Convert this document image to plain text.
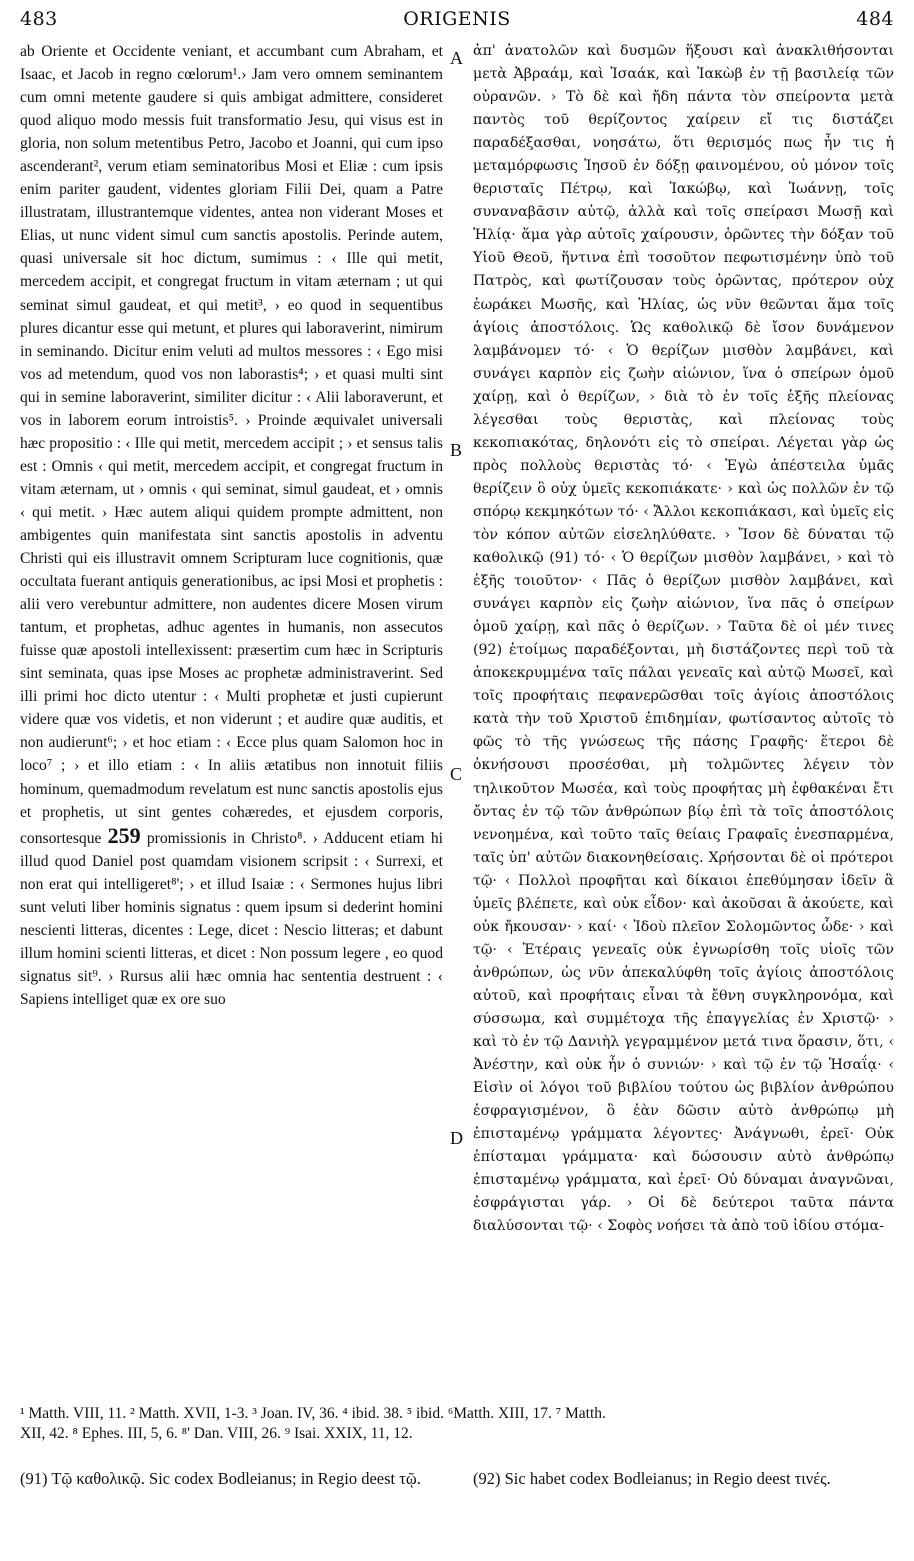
483	ORIGENIS	484

ab Oriente et Occidente veniant, et accumbant cum Abraham, et Isaac, et Jacob in regno cœlorum¹.› Jam vero omnem seminantem cum omni metente gaudere si quis ambigat admittere, consideret quod aliquo modo messis fuit transformatio Jesu, qui visus est in gloria, non solum metentibus Petro, Jacobo et Joanni, qui cum ipso ascenderant², verum etiam seminatoribus Mosi et Eliæ : cum ipsis enim pariter gaudent, videntes gloriam Filii Dei, quam a Patre illustratam, illustrantemque videntes, antea non viderant Moses et Elias, ut nunc vident simul cum sanctis apostolis. Perinde autem, quasi universale sit hoc dictum, sumimus : ‹ Ille qui metit, mercedem accipit, et congregat fructum in vitam æternam ; ut qui seminat simul gaudeat, et qui metit³, › eo quod in sequentibus plures dicantur esse qui metunt, et plures qui laboraverint, nimirum in seminando. Dicitur enim veluti ad multos messores : ‹ Ego misi vos ad metendum, quod vos non laborastis⁴; › et quasi multi sint qui in semine laboraverint, similiter dicitur : ‹ Alii laboraverunt, et vos in laborem eorum introistis⁵. › Proinde æquivalet universali hæc propositio : ‹ Ille qui metit, mercedem accipit ; › et sensus talis est : Omnis ‹ qui metit, mercedem accipit, et congregat fructum in vitam æternam, ut › omnis ‹ qui seminat, simul gaudeat, et › omnis ‹ qui metit. › Hæc autem aliqui quidem prompte admittent, non ambigentes quin manifestata sint sanctis apostolis in adventu Christi qui eis illustravit omnem Scripturam luce cognitionis, quæ occultata fuerant antiquis generationibus, ac ipsi Mosi et prophetis : alii vero verebuntur admittere, non audentes dicere Mosen virum tantum, et prophetas, adhuc agentes in humanis, non assecutos fuisse quæ apostoli intellexissent: præsertim cum hæc in Scripturis sint seminata, quas ipse Moses ac prophetæ administraverint. Sed illi primi hoc dicto utentur : ‹ Multi prophetæ et justi cupierunt videre quæ vos videtis, et non viderunt ; et audire quæ auditis, et non audierunt⁶; › et hoc etiam : ‹ Ecce plus quam Salomon hoc in loco⁷ ; › et illo etiam : ‹ In aliis ætatibus non innotuit filiis hominum, quemadmodum revelatum est nunc sanctis apostolis ejus et prophetis, ut sint gentes cohæredes, et ejusdem corporis, consortesque 259 promissionis in Christo⁸. › Adducent etiam hi illud quod Daniel post quamdam visionem scripsit : ‹ Surrexi, et non erat qui intelligeret⁸'; › et illud Isaiæ : ‹ Sermones hujus libri sunt veluti liber hominis signatus : quem ipsum si dederint homini nescienti litteras, dicentes : Lege, dicet : Nescio litteras; et dabunt illum homini scienti litteras, et dicet : Non possum legere , eo quod signatus sit⁹. › Rursus alii hæc omnia hac sententia destruent : ‹ Sapiens intelliget quæ ex ore suo

A
B
C
D

ἀπ' ἀνατολῶν καὶ δυσμῶν ἥξουσι καὶ ἀνακλιθήσονται μετὰ Ἀβραάμ, καὶ Ἰσαάκ, καὶ Ἰακὼβ ἐν τῇ βασιλείᾳ τῶν οὐρανῶν. › Τὸ δὲ καὶ ἤδη πάντα τὸν σπείροντα μετὰ παντὸς τοῦ θερίζοντος χαίρειν εἴ τις διστάζει παραδέξασθαι, νοησάτω, ὅτι θερισμός πως ἦν τις ἡ μεταμόρφωσις Ἰησοῦ ἐν δόξῃ φαινομένου, οὐ μόνον τοῖς θερισταῖς Πέτρῳ, καὶ Ἰακώβῳ, καὶ Ἰωάννῃ, τοῖς συναναβᾶσιν αὐτῷ, ἀλλὰ καὶ τοῖς σπείρασι Μωσῇ καὶ Ἠλίᾳ· ἅμα γὰρ αὐτοῖς χαίρουσιν, ὁρῶντες τὴν δόξαν τοῦ Υἱοῦ Θεοῦ, ἥντινα ἐπὶ τοσοῦτον πεφωτισμένην ὑπὸ τοῦ Πατρὸς, καὶ φωτίζουσαν τοὺς ὁρῶντας, πρότερον οὐχ ἑωράκει Μωσῆς, καὶ Ἠλίας, ὡς νῦν θεῶνται ἅμα τοῖς ἁγίοις ἀποστόλοις. Ὡς καθολικῷ δὲ ἴσον δυνάμενον λαμβάνομεν τό· ‹ Ὁ θερίζων μισθὸν λαμβάνει, καὶ συνάγει καρπὸν εἰς ζωὴν αἰώνιον, ἵνα ὁ σπείρων ὁμοῦ χαίρῃ, καὶ ὁ θερίζων, › διὰ τὸ ἐν τοῖς ἑξῆς πλείονας λέγεσθαι τοὺς θεριστὰς, καὶ πλείονας τοὺς κεκοπιακότας, δηλονότι εἰς τὸ σπείραι. Λέγεται γὰρ ὡς πρὸς πολλοὺς θεριστὰς τό· ‹ Ἐγὼ ἀπέστειλα ὑμᾶς θερίζειν ὃ οὐχ ὑμεῖς κεκοπιάκατε· › καὶ ὡς πολλῶν ἐν τῷ σπόρῳ κεκμηκότων τό· ‹ Ἄλλοι κεκοπιάκασι, καὶ ὑμεῖς εἰς τὸν κόπον αὐτῶν εἰσεληλύθατε. › Ἴσον δὲ δύναται τῷ καθολικῷ (91) τό· ‹ Ὁ θερίζων μισθὸν λαμβάνει, › καὶ τὸ ἑξῆς τοιοῦτον· ‹ Πᾶς ὁ θερίζων μισθὸν λαμβάνει, καὶ συνάγει καρπὸν εἰς ζωὴν αἰώνιον, ἵνα πᾶς ὁ σπείρων ὁμοῦ χαίρῃ, καὶ πᾶς ὁ θερίζων. › Ταῦτα δὲ οἱ μέν τινες (92) ἑτοίμως παραδέξονται, μὴ διστάζοντες περὶ τοῦ τὰ ἀποκεκρυμμένα ταῖς πάλαι γενεαῖς καὶ αὐτῷ Μωσεῖ, καὶ τοῖς προφήταις πεφανερῶσθαι τοῖς ἁγίοις ἀποστόλοις κατὰ τὴν τοῦ Χριστοῦ ἐπιδημίαν, φωτίσαντος αὐτοῖς τὸ φῶς τὸ τῆς γνώσεως τῆς πάσης Γραφῆς· ἕτεροι δὲ ὀκνήσουσι προσέσθαι, μὴ τολμῶντες λέγειν τὸν τηλικοῦτον Μωσέα, καὶ τοὺς προφήτας μὴ ἐφθακέναι ἔτι ὄντας ἐν τῷ τῶν ἀνθρώπων βίῳ ἐπὶ τὰ τοῖς ἀποστόλοις νενοημένα, καὶ τοῦτο ταῖς θείαις Γραφαῖς ἐνεσπαρμένα, ταῖς ὑπ' αὐτῶν διακονηθείσαις. Χρήσονται δὲ οἱ πρότεροι τῷ· ‹ Πολλοὶ προφῆται καὶ δίκαιοι ἐπεθύμησαν ἰδεῖν ἃ ὑμεῖς βλέπετε, καὶ οὐκ εἶδον· καὶ ἀκοῦσαι ἃ ἀκούετε, καὶ οὐκ ἤκουσαν· › καί· ‹ Ἰδοὺ πλεῖον Σολομῶντος ὧδε· › καὶ τῷ· ‹ Ἑτέραις γενεαῖς οὐκ ἐγνωρίσθη τοῖς υἱοῖς τῶν ἀνθρώπων, ὡς νῦν ἀπεκαλύφθη τοῖς ἁγίοις ἀποστόλοις αὐτοῦ, καὶ προφήταις εἶναι τὰ ἔθνη συγκληρονόμα, καὶ σύσσωμα, καὶ συμμέτοχα τῆς ἐπαγγελίας ἐν Χριστῷ· › καὶ τὸ ἐν τῷ Δανιὴλ γεγραμμένον μετά τινα ὅρασιν, ὅτι, ‹ Ἀνέστην, καὶ οὐκ ἦν ὁ συνιών· › καὶ τῷ ἐν τῷ Ἡσαΐᾳ· ‹ Εἰσὶν οἱ λόγοι τοῦ βιβλίου τούτου ὡς βιβλίον ἀνθρώπου ἐσφραγισμένον, ὃ ἐὰν δῶσιν αὐτὸ ἀνθρώπῳ μὴ ἐπισταμένῳ γράμματα λέγοντες· Ἀνάγνωθι, ἐρεῖ· Οὐκ ἐπίσταμαι γράμματα· καὶ δώσουσιν αὐτὸ ἀνθρώπῳ ἐπισταμένῳ γράμματα, καὶ ἐρεῖ· Οὐ δύναμαι ἀναγνῶναι, ἐσφράγισται γάρ. › Οἱ δὲ δεύτεροι ταῦτα πάντα διαλύσονται τῷ· ‹ Σοφὸς νοήσει τὰ ἀπὸ τοῦ ἰδίου στόμα-

¹ Matth. VIII, 11. ² Matth. XVII, 1-3. ³ Joan. IV, 36. ⁴ ibid. 38. ⁵ ibid. ⁶Matth. XIII, 17. ⁷ Matth.

XII, 42. ⁸ Ephes. III, 5, 6. ⁸' Dan. VIII, 26. ⁹ Isai. XXIX, 11, 12.

(91) Τῷ καθολικῷ. Sic codex Bodleianus; in Regio deest τῷ.	(92) Sic habet codex Bodleianus; in Regio deest τινές.
